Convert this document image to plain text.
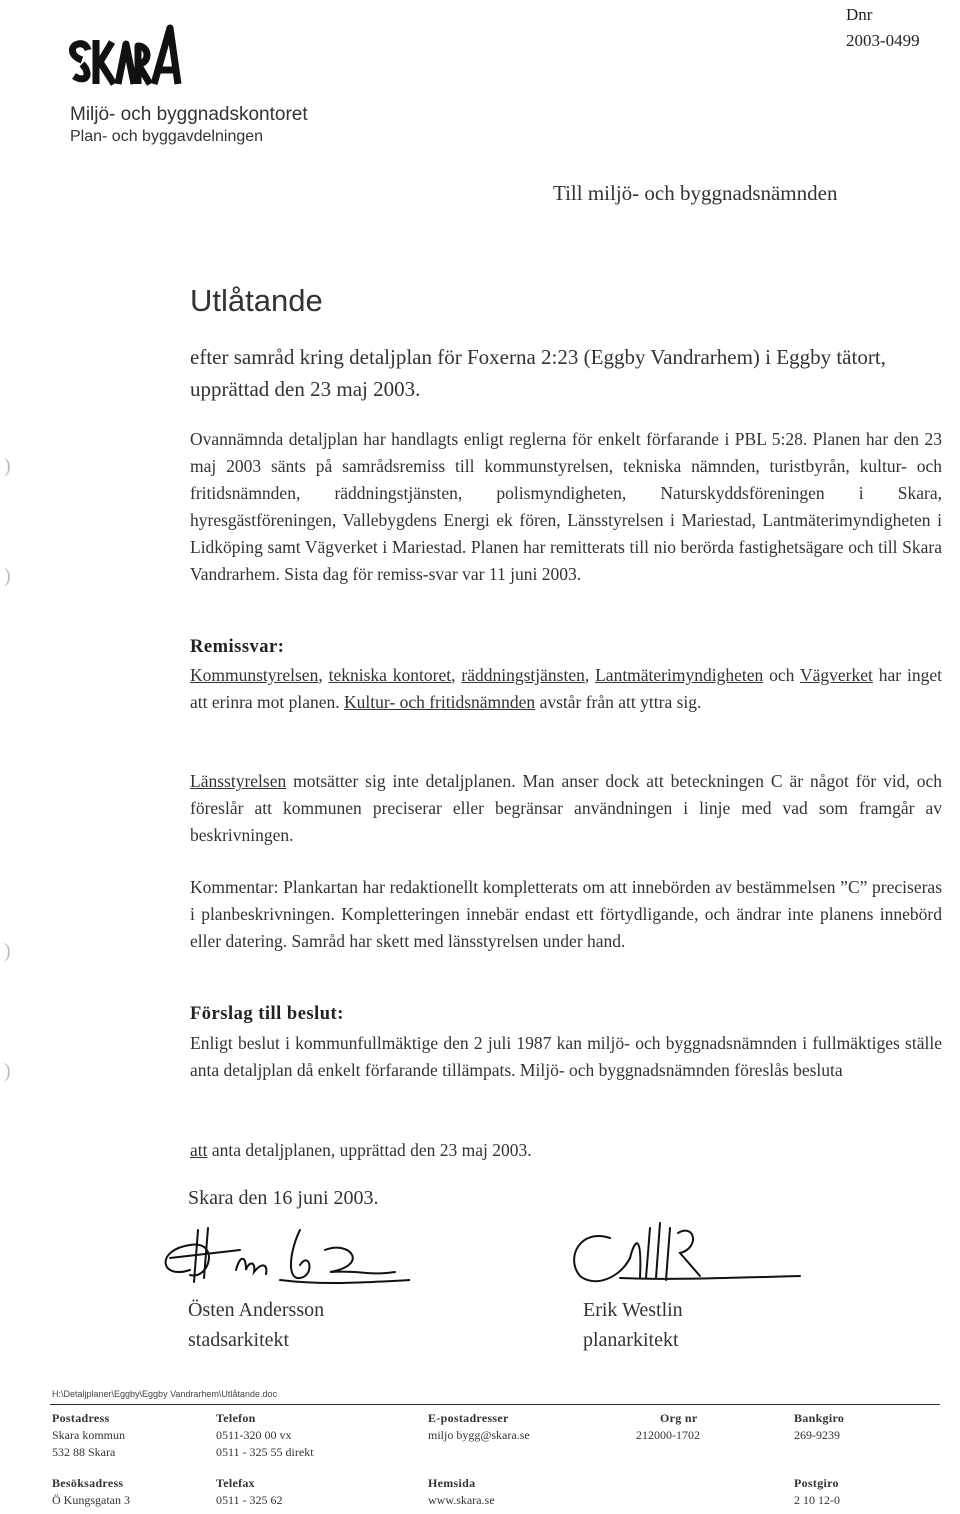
Miljö- och byggnadskontoret
Plan- och byggavdelningen
Dnr
2003-0499
Till miljö- och byggnadsnämnden
Utlåtande
efter samråd kring detaljplan för Foxerna 2:23 (Eggby Vandrarhem) i Eggby tätort, upprättad den 23 maj 2003.
)
)
)
)
Ovannämnda detaljplan har handlagts enligt reglerna för enkelt förfarande i PBL 5:28. Planen har den 23 maj 2003 sänts på samrådsremiss till kommunstyrelsen, tekniska nämnden, turistbyrån, kultur- och fritidsnämnden, räddningstjänsten, polismyndigheten, Naturskyddsföreningen i Skara, hyresgästföreningen, Vallebygdens Energi ek fören, Länsstyrelsen i Mariestad, Lantmäterimyndigheten i Lidköping samt Vägverket i Mariestad. Planen har remitterats till nio berörda fastighetsägare och till Skara Vandrarhem. Sista dag för remiss-svar var 11 juni 2003.
Remissvar:
Kommunstyrelsen, tekniska kontoret, räddningstjänsten, Lantmäterimyndigheten och Vägverket har inget att erinra mot planen. Kultur- och fritidsnämnden avstår från att yttra sig.
Länsstyrelsen motsätter sig inte detaljplanen. Man anser dock att beteckningen C är något för vid, och föreslår att kommunen preciserar eller begränsar användningen i linje med vad som framgår av beskrivningen.
Kommentar: Plankartan har redaktionellt kompletterats om att innebörden av bestämmelsen ”C” preciseras i planbeskrivningen. Kompletteringen innebär endast ett förtydligande, och ändrar inte planens innebörd eller datering. Samråd har skett med länsstyrelsen under hand.
Förslag till beslut:
Enligt beslut i kommunfullmäktige den 2 juli 1987 kan miljö- och byggnadsnämnden i fullmäktiges ställe anta detaljplan då enkelt förfarande tillämpats. Miljö- och byggnadsnämnden föreslås besluta
att anta detaljplanen, upprättad den 23 maj 2003.
Skara den 16 juni 2003.
Östen Andersson
stadsarkitekt
Erik Westlin
planarkitekt
H:\Detaljplaner\Eggby\Eggby Vandrarhem\Utlåtande.doc
Postadress
Skara kommun
532 88 Skara
Besöksadress
Ö Kungsgatan 3
Telefon
0511-320 00 vx
0511 - 325 55 direkt
Telefax
0511 - 325 62
E-postadresser
miljo bygg@skara.se
Hemsida
www.skara.se
Org nr
212000-1702
Bankgiro
269-9239
Postgiro
2 10 12-0
